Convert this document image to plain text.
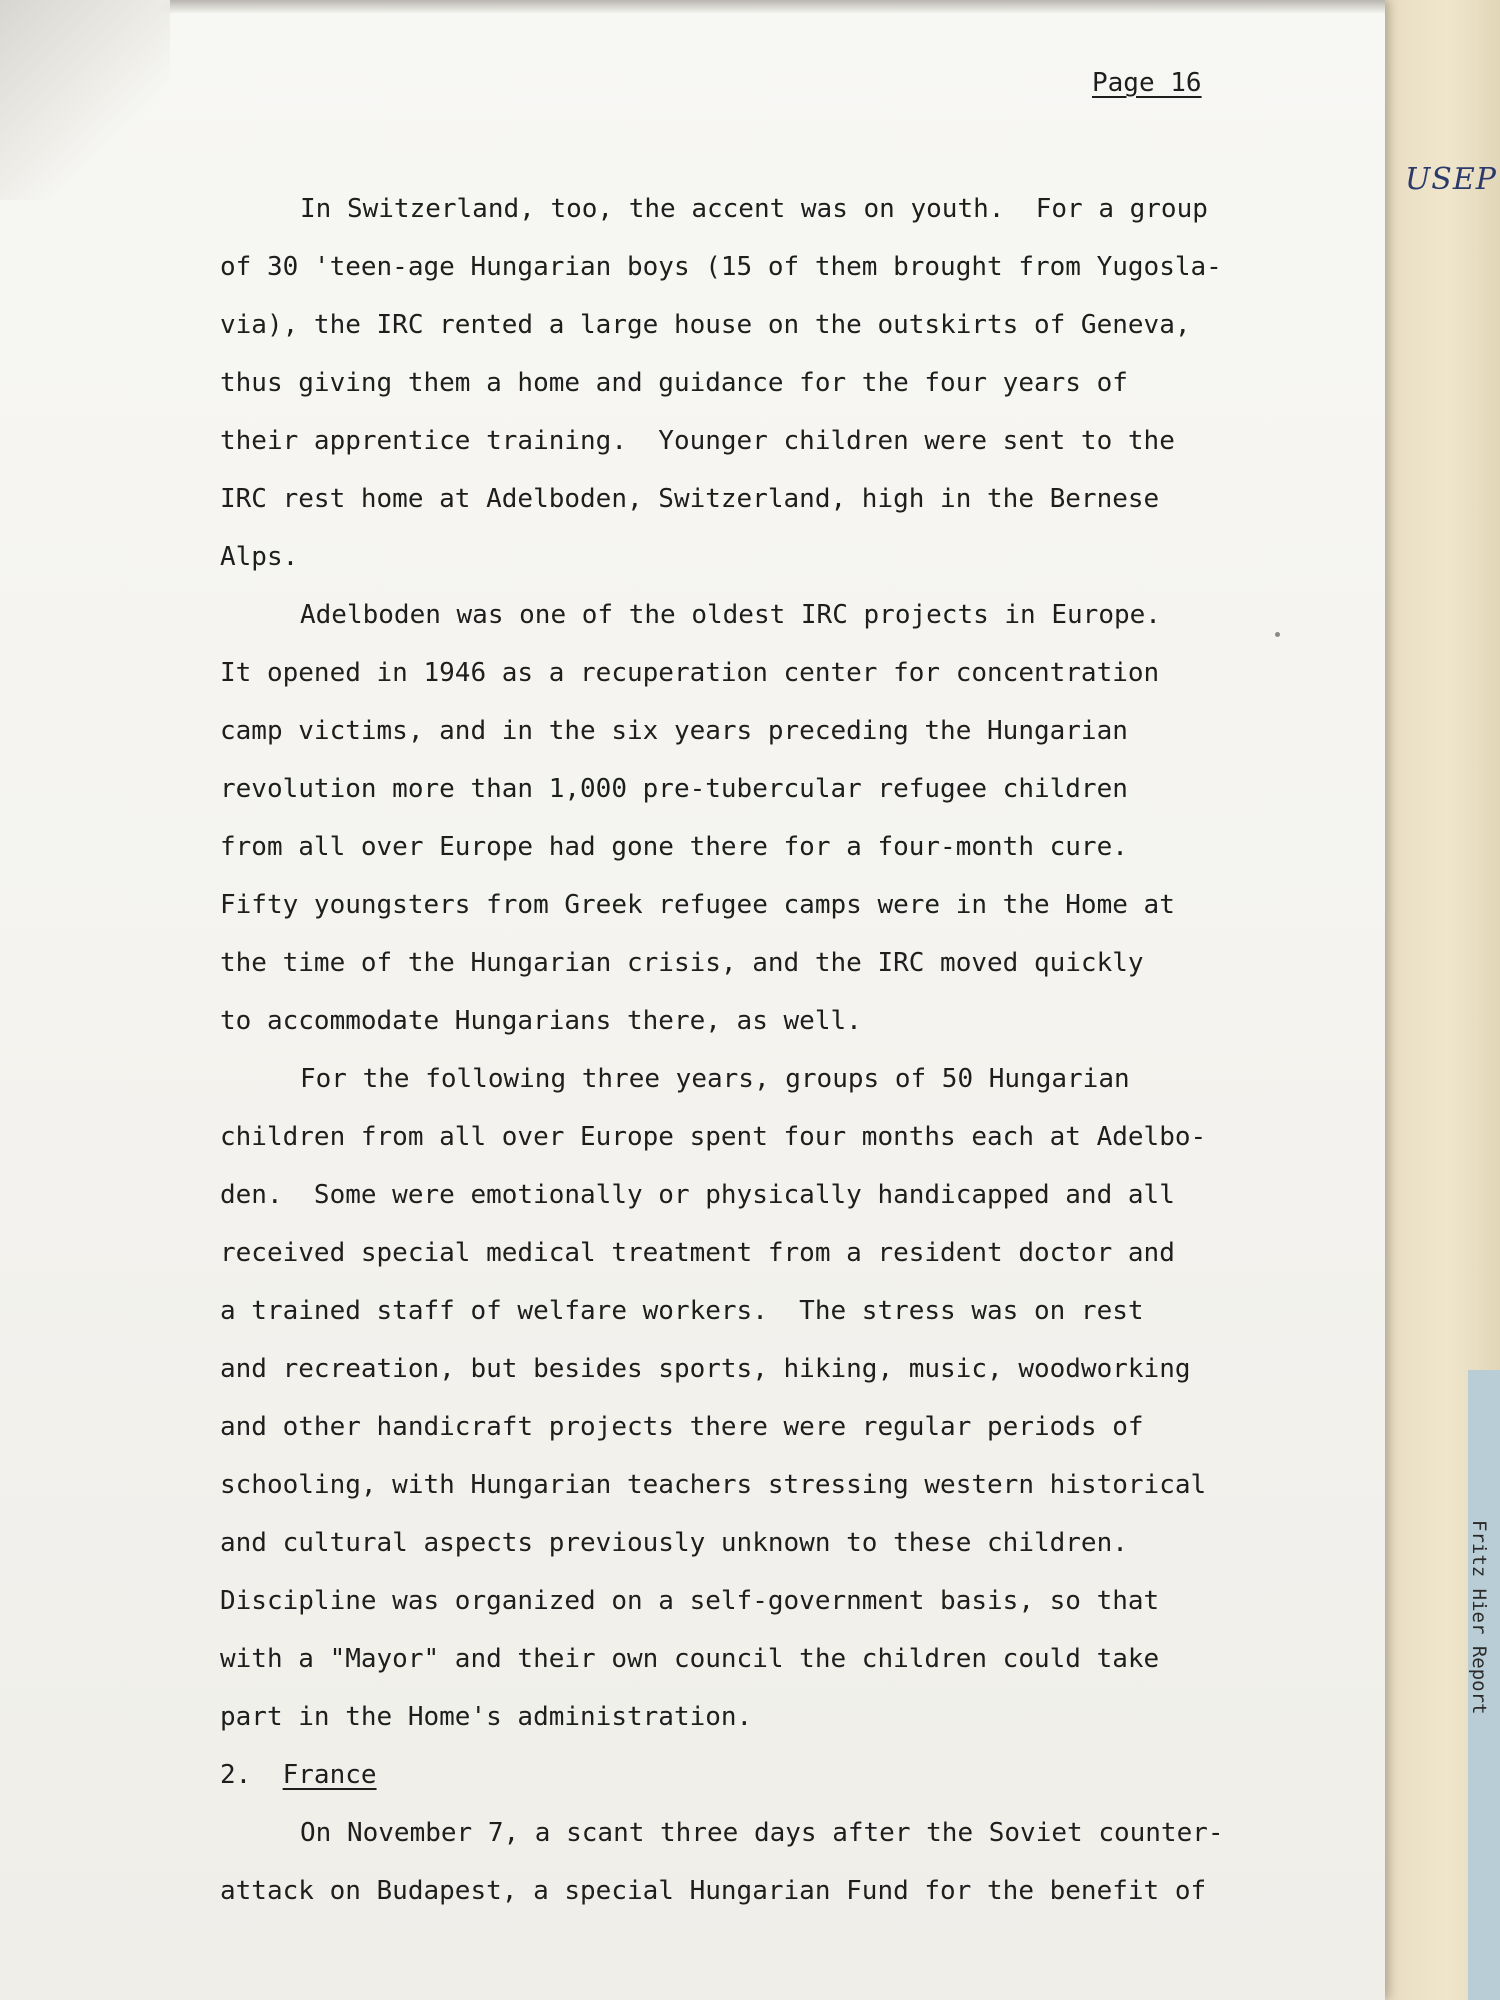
Fritz Hier Report
USEP
Page 16
In Switzerland, too, the accent was on youth.  For a group
of 30 'teen-age Hungarian boys (15 of them brought from Yugosla-
via), the IRC rented a large house on the outskirts of Geneva,
thus giving them a home and guidance for the four years of
their apprentice training.  Younger children were sent to the
IRC rest home at Adelboden, Switzerland, high in the Bernese
Alps.
Adelboden was one of the oldest IRC projects in Europe.
It opened in 1946 as a recuperation center for concentration
camp victims, and in the six years preceding the Hungarian
revolution more than 1,000 pre-tubercular refugee children
from all over Europe had gone there for a four-month cure.
Fifty youngsters from Greek refugee camps were in the Home at
the time of the Hungarian crisis, and the IRC moved quickly
to accommodate Hungarians there, as well.
For the following three years, groups of 50 Hungarian
children from all over Europe spent four months each at Adelbo-
den.  Some were emotionally or physically handicapped and all
received special medical treatment from a resident doctor and
a trained staff of welfare workers.  The stress was on rest
and recreation, but besides sports, hiking, music, woodworking
and other handicraft projects there were regular periods of
schooling, with Hungarian teachers stressing western historical
and cultural aspects previously unknown to these children.
Discipline was organized on a self-government basis, so that
with a "Mayor" and their own council the children could take
part in the Home's administration.
2. France
On November 7, a scant three days after the Soviet counter-
attack on Budapest, a special Hungarian Fund for the benefit of
